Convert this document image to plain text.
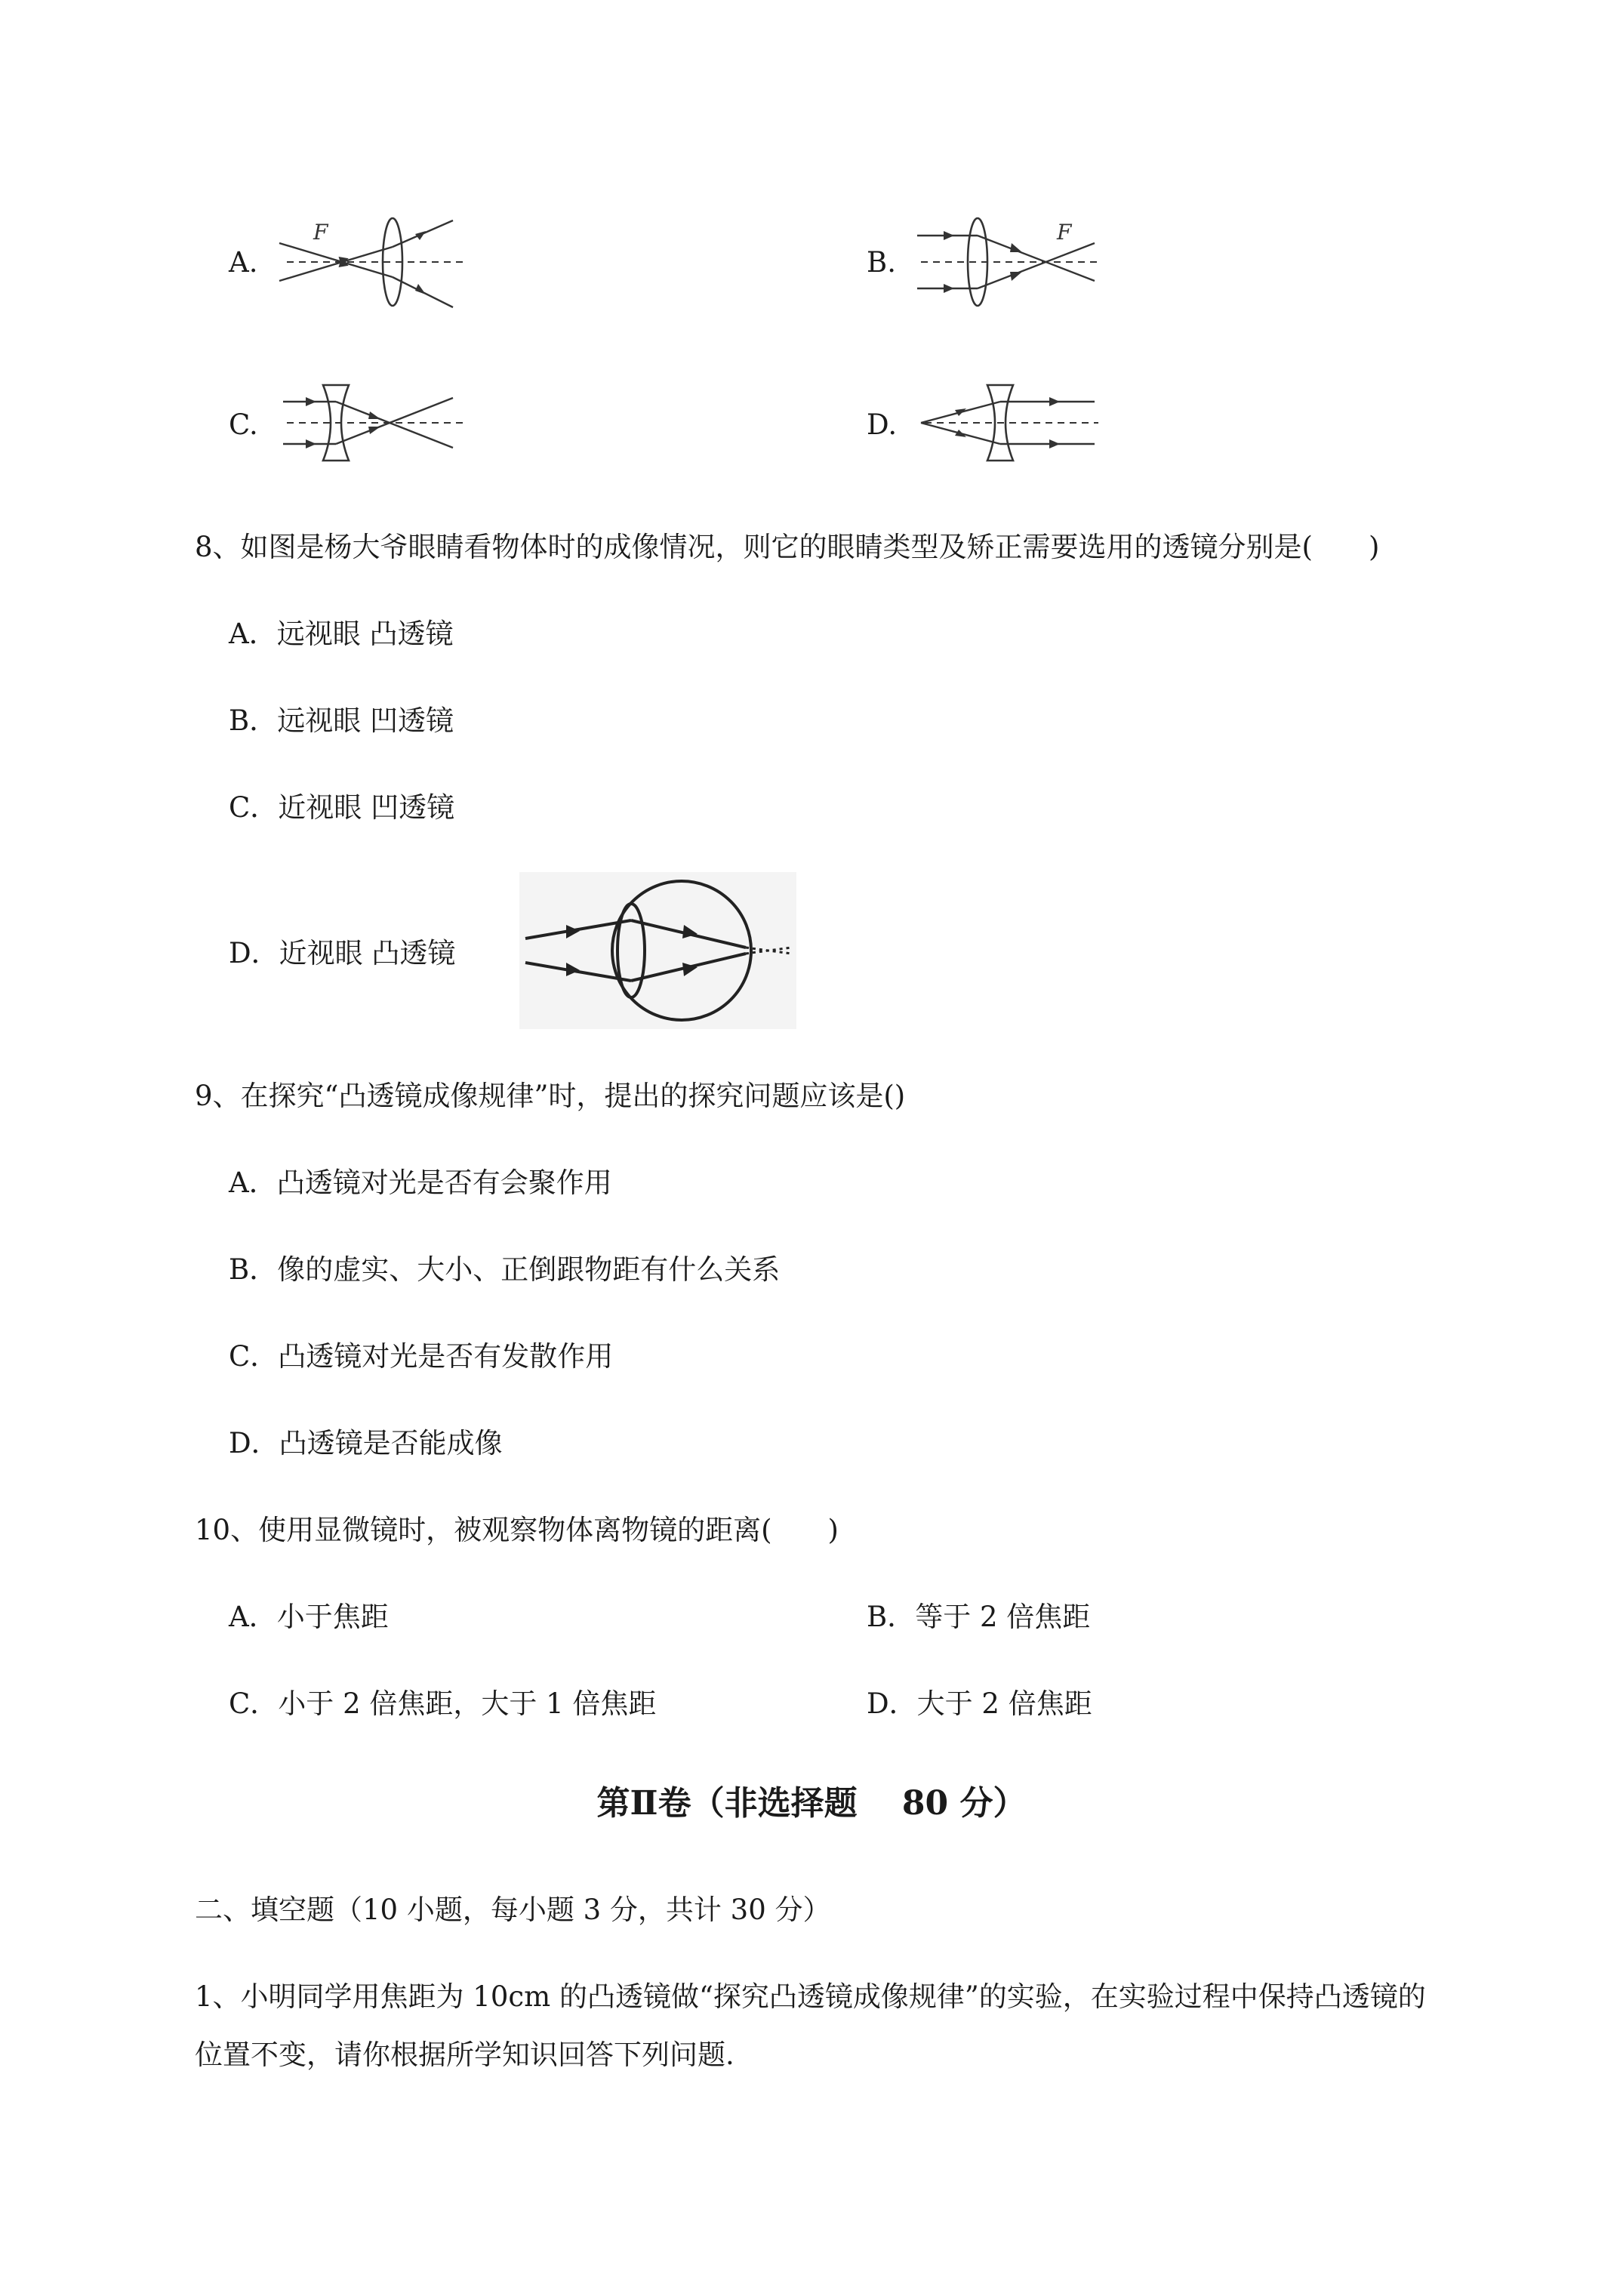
A.
F
B.
F
C.	D.
8、如图是杨大爷眼睛看物体时的成像情况，则它的眼睛类型及矫正需要选用的透镜分别是(　　)
A．远视眼 凸透镜
B．远视眼 凹透镜
C．近视眼 凹透镜
D．近视眼 凸透镜
9、在探究“凸透镜成像规律”时，提出的探究问题应该是()
A．凸透镜对光是否有会聚作用
B．像的虚实、大小、正倒跟物距有什么关系
C．凸透镜对光是否有发散作用
D．凸透镜是否能成像
10、使用显微镜时，被观察物体离物镜的距离(　　)
A．小于焦距	B．等于 2 倍焦距
C．小于 2 倍焦距，大于 1 倍焦距	D．大于 2 倍焦距
第Ⅱ卷（非选择题　 80 分）
二、填空题（10 小题，每小题 3 分，共计 30 分）
1、小明同学用焦距为 10cm 的凸透镜做“探究凸透镜成像规律”的实验，在实验过程中保持凸透镜的
位置不变，请你根据所学知识回答下列问题.
